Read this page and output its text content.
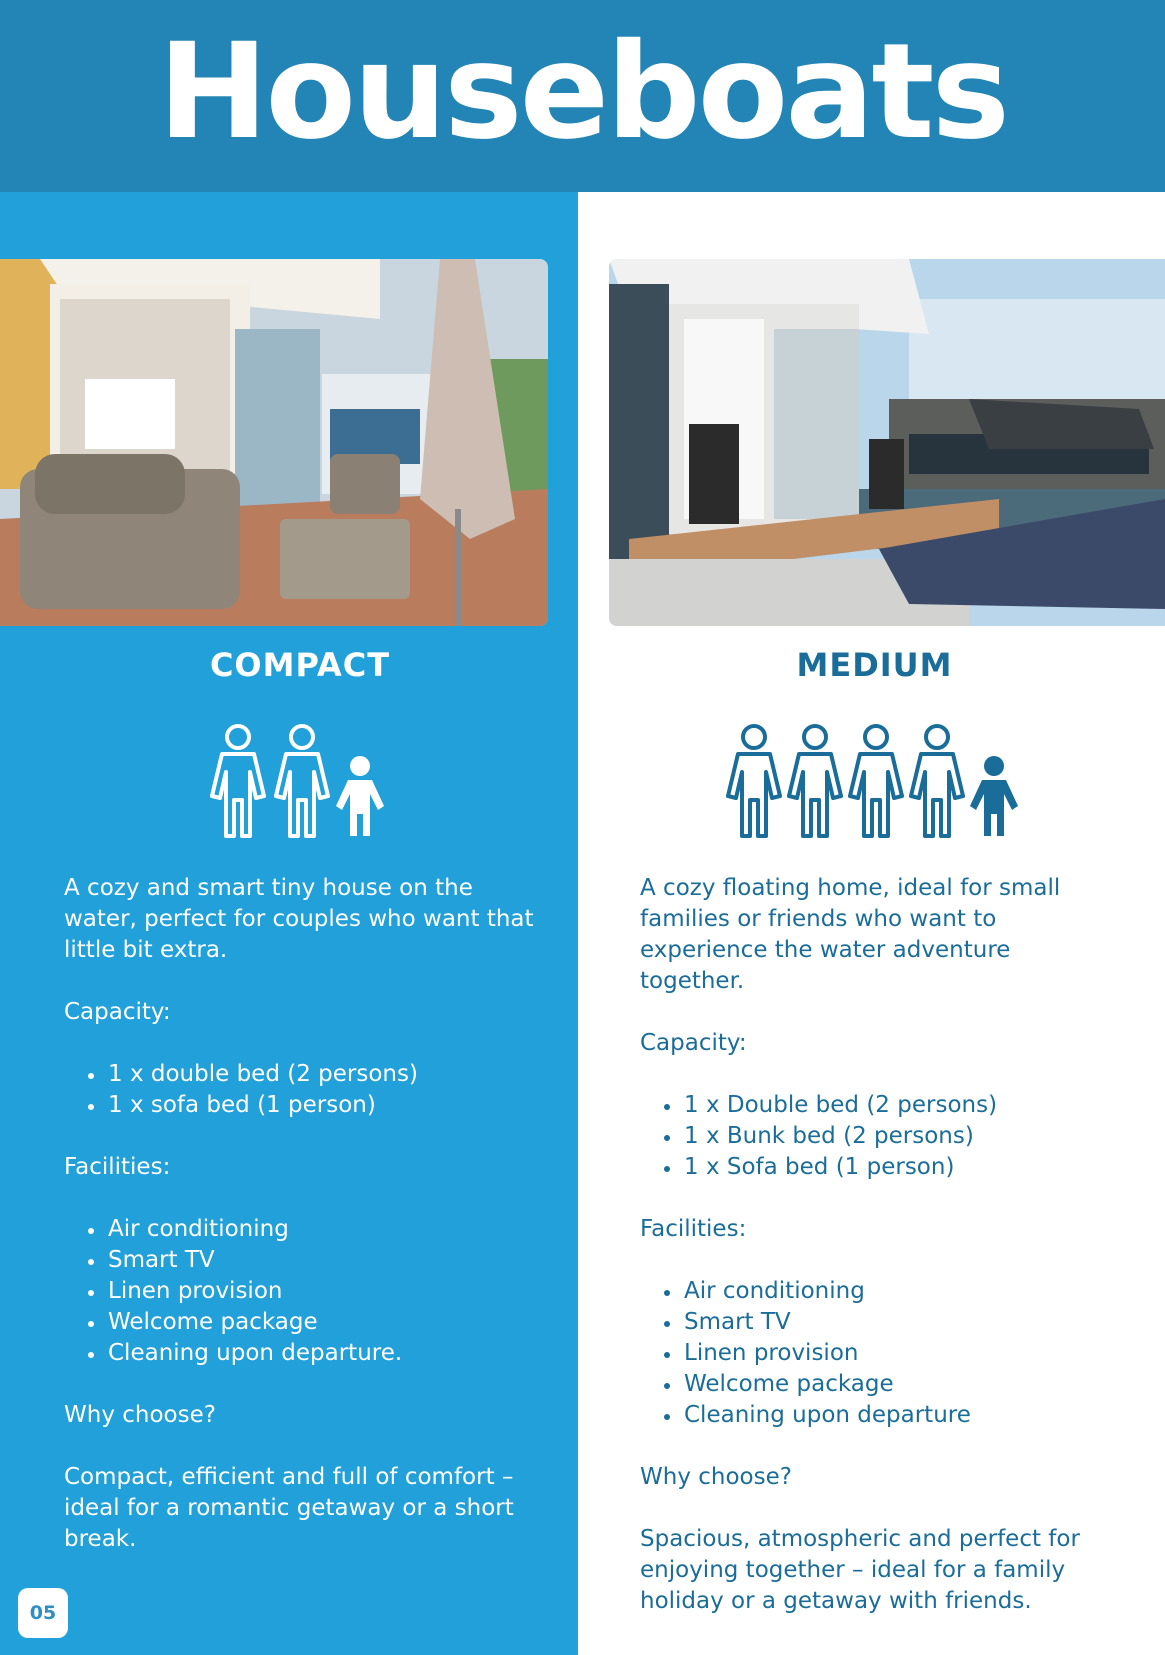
Houseboats
COMPACT	MEDIUM

A cozy and smart tiny house on the water, perfect for couples who want that little bit extra.

Capacity:

• 1 x double bed (2 persons)
• 1 x sofa bed (1 person)

Facilities:

• Air conditioning
• Smart TV
• Linen provision
• Welcome package
• Cleaning upon departure.

Why choose?

Compact, efficient and full of comfort – ideal for a romantic getaway or a short break.

A cozy floating home, ideal for small families or friends who want to experience the water adventure together.

Capacity:

• 1 x Double bed (2 persons)
• 1 x Bunk bed (2 persons)
• 1 x Sofa bed (1 person)

Facilities:

• Air conditioning
• Smart TV
• Linen provision
• Welcome package
• Cleaning upon departure

Why choose?

Spacious, atmospheric and perfect for enjoying together – ideal for a family holiday or a getaway with friends.

05
